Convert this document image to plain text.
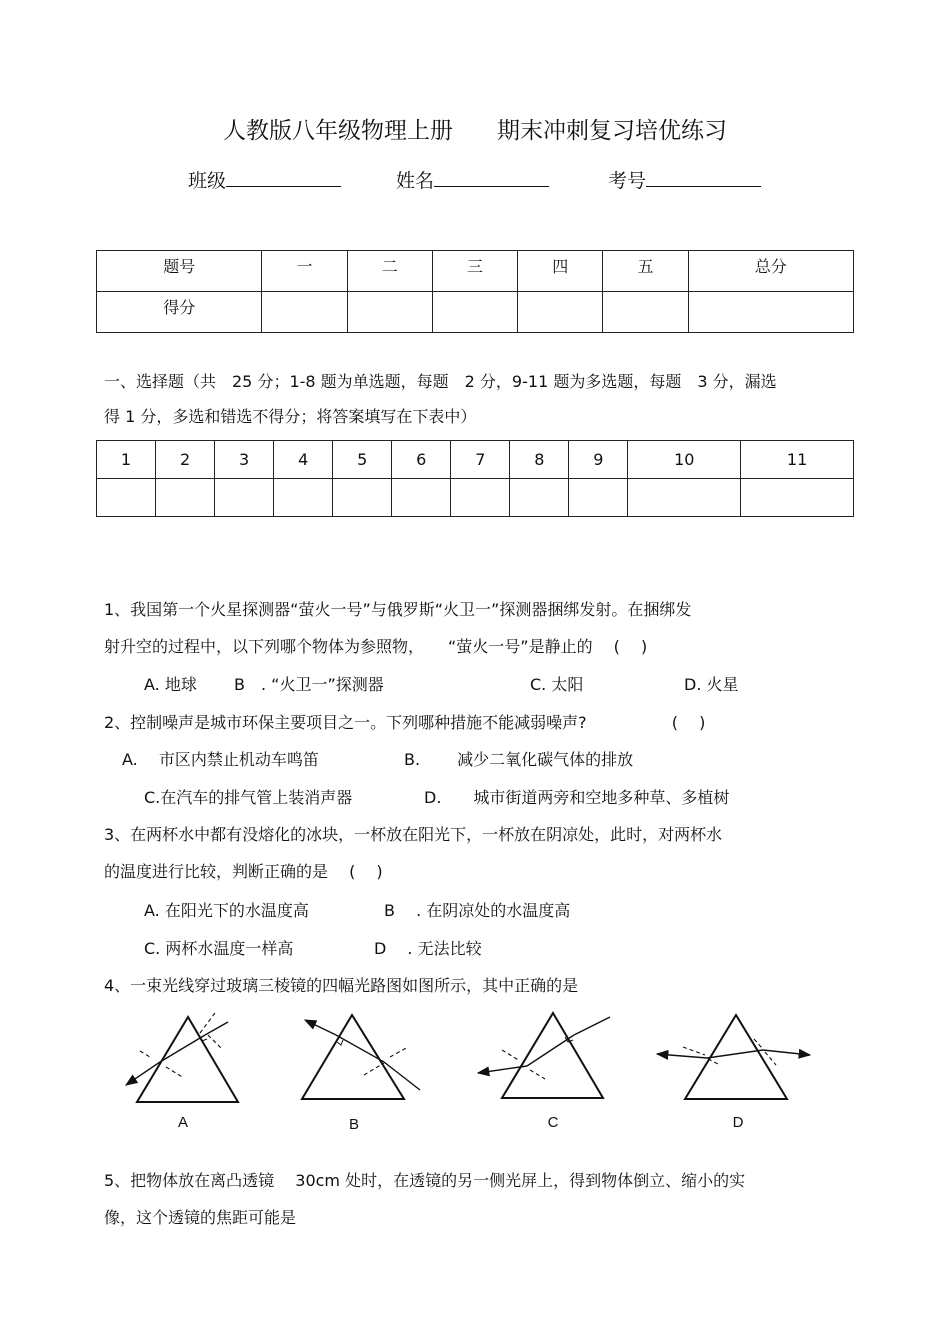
人教版八年级物理上册 期末冲刺复习培优练习
班级	姓名	考号
题号	一	二	三	四	五	总分
得分						
一、选择题（共　25 分；1-8 题为单选题，每题　2 分，9-11 题为多选题，每题　3 分，漏选
得 1 分，多选和错选不得分；将答案填写在下表中）
1	2	3	4	5	6	7	8	9	10	11

1、我国第一个火星探测器“萤火一号”与俄罗斯“火卫一”探测器捆绑发射。在捆绑发
射升空的过程中，以下列哪个物体为参照物，　　“萤火一号”是静止的　 (　 )
A. 地球 B　. “火卫一”探测器	C. 太阳	D. 火星
2、控制噪声是城市环保主要项目之一。下列哪种措施不能减弱噪声?　　　　　 (　 )
A.　 市区内禁止机动车鸣笛	B.　　 减少二氧化碳气体的排放
C.在汽车的排气管上装消声器	D.　　城市街道两旁和空地多种草、多植树
3、在两杯水中都有没熔化的冰块，一杯放在阳光下，一杯放在阴凉处，此时，对两杯水
的温度进行比较，判断正确的是　 (　 )
A. 在阳光下的水温度高	B　 . 在阴凉处的水温度高
C. 两杯水温度一样高	D　 . 无法比较
4、一束光线穿过玻璃三棱镜的四幅光路图如图所示，其中正确的是
A	B	C	D
5、把物体放在离凸透镜　 30cm 处时，在透镜的另一侧光屏上，得到物体倒立、缩小的实
像，这个透镜的焦距可能是
